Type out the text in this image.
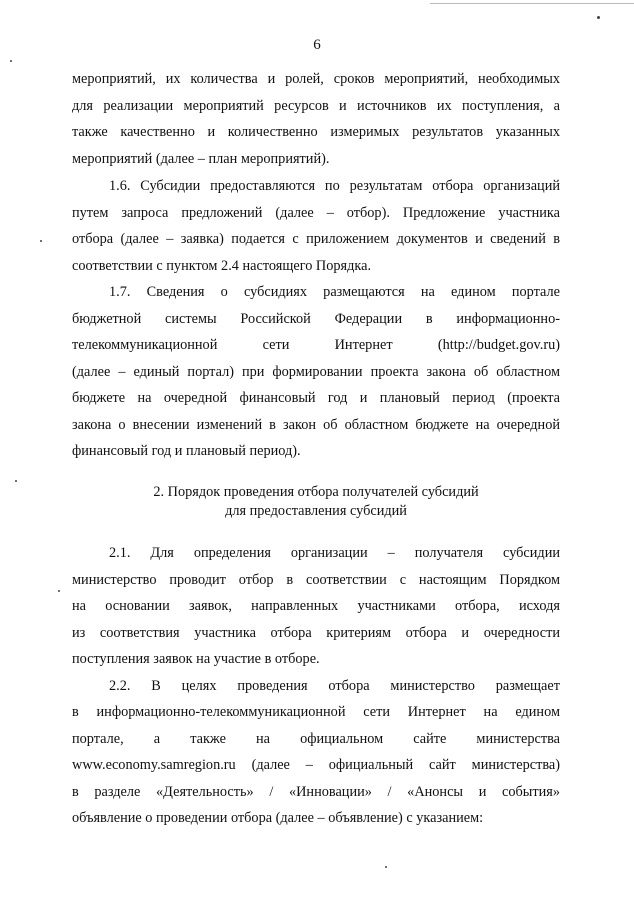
6
мероприятий, их количества и ролей, сроков мероприятий, необходимых
для реализации мероприятий ресурсов и источников их поступления, а
также качественно и количественно измеримых результатов указанных
мероприятий (далее – план мероприятий).
1.6. Субсидии предоставляются по результатам отбора организаций
путем запроса предложений (далее – отбор). Предложение участника
отбора (далее – заявка) подается с приложением документов и сведений в
соответствии с пунктом 2.4 настоящего Порядка.
1.7. Сведения о субсидиях размещаются на едином портале
бюджетной системы Российской Федерации в информационно-
телекоммуникационной сети Интернет (http://budget.gov.ru)
(далее – единый портал) при формировании проекта закона об областном
бюджете на очередной финансовый год и плановый период (проекта
закона о внесении изменений в закон об областном бюджете на очередной
финансовый год и плановый период).
2. Порядок проведения отбора получателей субсидий
для предоставления субсидий
2.1. Для определения организации – получателя субсидии
министерство проводит отбор в соответствии с настоящим Порядком
на основании заявок, направленных участниками отбора, исходя
из соответствия участника отбора критериям отбора и очередности
поступления заявок на участие в отборе.
2.2. В целях проведения отбора министерство размещает
в информационно-телекоммуникационной сети Интернет на едином
портале, а также на официальном сайте министерства
www.economy.samregion.ru (далее – официальный сайт министерства)
в разделе «Деятельность» / «Инновации» / «Анонсы и события»
объявление о проведении отбора (далее – объявление) с указанием:
